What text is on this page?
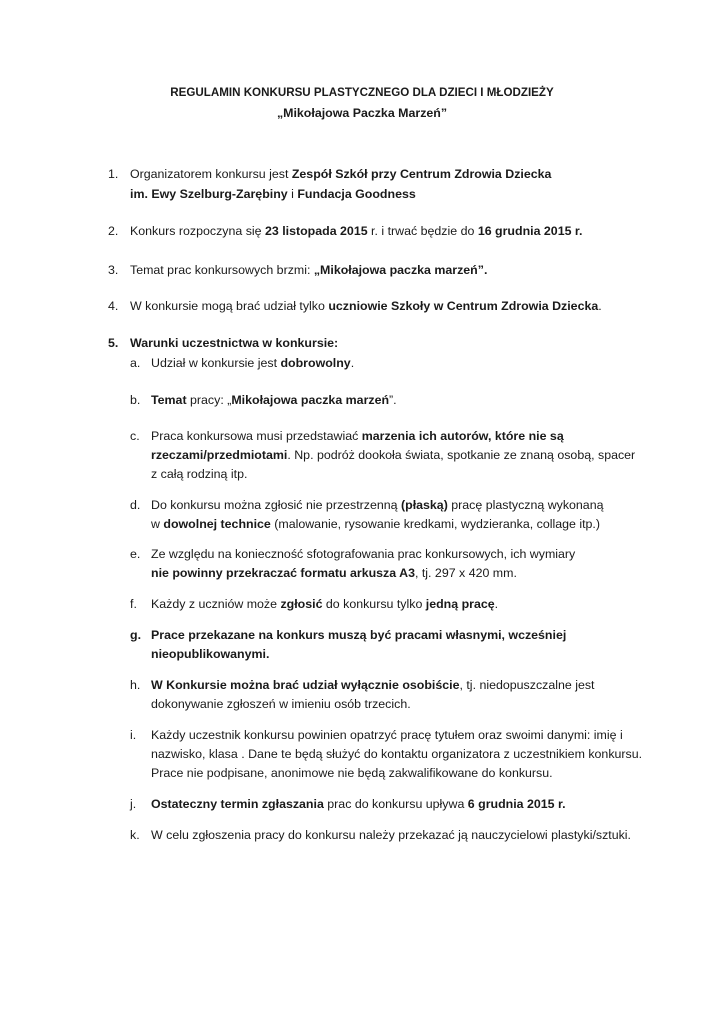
REGULAMIN KONKURSU PLASTYCZNEGO DLA DZIECI I MŁODZIEŻY
„Mikołajowa Paczka Marzeń”
1. Organizatorem konkursu jest Zespół Szkół przy Centrum Zdrowia Dziecka
im. Ewy Szelburg-Zarębiny i Fundacja Goodness
2. Konkurs rozpoczyna się 23 listopada 2015 r. i trwać będzie do 16 grudnia 2015 r.
3. Temat prac konkursowych brzmi: „Mikołajowa paczka marzeń”.
4. W konkursie mogą brać udział tylko uczniowie Szkoły w Centrum Zdrowia Dziecka.
5. Warunki uczestnictwa w konkursie:
a. Udział w konkursie jest dobrowolny.
b. Temat pracy: „Mikołajowa paczka marzeń”.
c. Praca konkursowa musi przedstawiać marzenia ich autorów, które nie są
rzeczami/przedmiotami. Np. podróż dookoła świata, spotkanie ze znaną osobą, spacer
z całą rodziną itp.
d. Do konkursu można zgłosić nie przestrzenną (płaską) pracę plastyczną wykonaną
w dowolnej technice (malowanie, rysowanie kredkami, wydzieranka, collage itp.)
e. Ze względu na konieczność sfotografowania prac konkursowych, ich wymiary
nie powinny przekraczać formatu arkusza A3, tj. 297 x 420 mm.
f. Każdy z uczniów może zgłosić do konkursu tylko jedną pracę.
g. Prace przekazane na konkurs muszą być pracami własnymi, wcześniej
nieopublikowanymi.
h. W Konkursie można brać udział wyłącznie osobiście, tj. niedopuszczalne jest
dokonywanie zgłoszeń w imieniu osób trzecich.
i. Każdy uczestnik konkursu powinien opatrzyć pracę tytułem oraz swoimi danymi: imię i
nazwisko, klasa . Dane te będą służyć do kontaktu organizatora z uczestnikiem konkursu.
Prace nie podpisane, anonimowe nie będą zakwalifikowane do konkursu.
j. Ostateczny termin zgłaszania prac do konkursu upływa 6 grudnia 2015 r.
k. W celu zgłoszenia pracy do konkursu należy przekazać ją nauczycielowi plastyki/sztuki.
